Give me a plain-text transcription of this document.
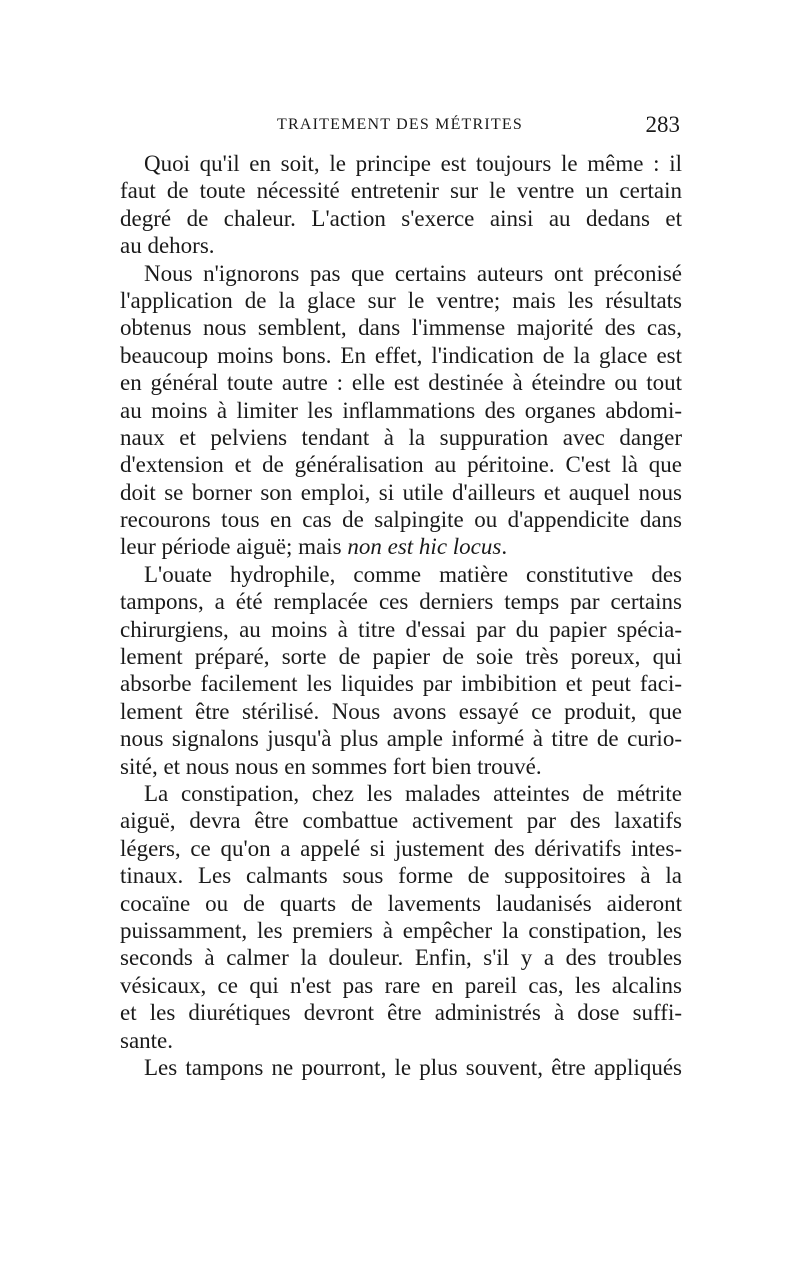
TRAITEMENT DES MÉTRITES	283
Quoi qu'il en soit, le principe est toujours le même : il
faut de toute nécessité entretenir sur le ventre un certain
degré de chaleur. L'action s'exerce ainsi au dedans et
au dehors.
Nous n'ignorons pas que certains auteurs ont préconisé
l'application de la glace sur le ventre; mais les résultats
obtenus nous semblent, dans l'immense majorité des cas,
beaucoup moins bons. En effet, l'indication de la glace est
en général toute autre : elle est destinée à éteindre ou tout
au moins à limiter les inflammations des organes abdomi-
naux et pelviens tendant à la suppuration avec danger
d'extension et de généralisation au péritoine. C'est là que
doit se borner son emploi, si utile d'ailleurs et auquel nous
recourons tous en cas de salpingite ou d'appendicite dans
leur période aiguë; mais non est hic locus.
L'ouate hydrophile, comme matière constitutive des
tampons, a été remplacée ces derniers temps par certains
chirurgiens, au moins à titre d'essai par du papier spécia-
lement préparé, sorte de papier de soie très poreux, qui
absorbe facilement les liquides par imbibition et peut faci-
lement être stérilisé. Nous avons essayé ce produit, que
nous signalons jusqu'à plus ample informé à titre de curio-
sité, et nous nous en sommes fort bien trouvé.
La constipation, chez les malades atteintes de métrite
aiguë, devra être combattue activement par des laxatifs
légers, ce qu'on a appelé si justement des dérivatifs intes-
tinaux. Les calmants sous forme de suppositoires à la
cocaïne ou de quarts de lavements laudanisés aideront
puissamment, les premiers à empêcher la constipation, les
seconds à calmer la douleur. Enfin, s'il y a des troubles
vésicaux, ce qui n'est pas rare en pareil cas, les alcalins
et les diurétiques devront être administrés à dose suffi-
sante.
Les tampons ne pourront, le plus souvent, être appliqués
